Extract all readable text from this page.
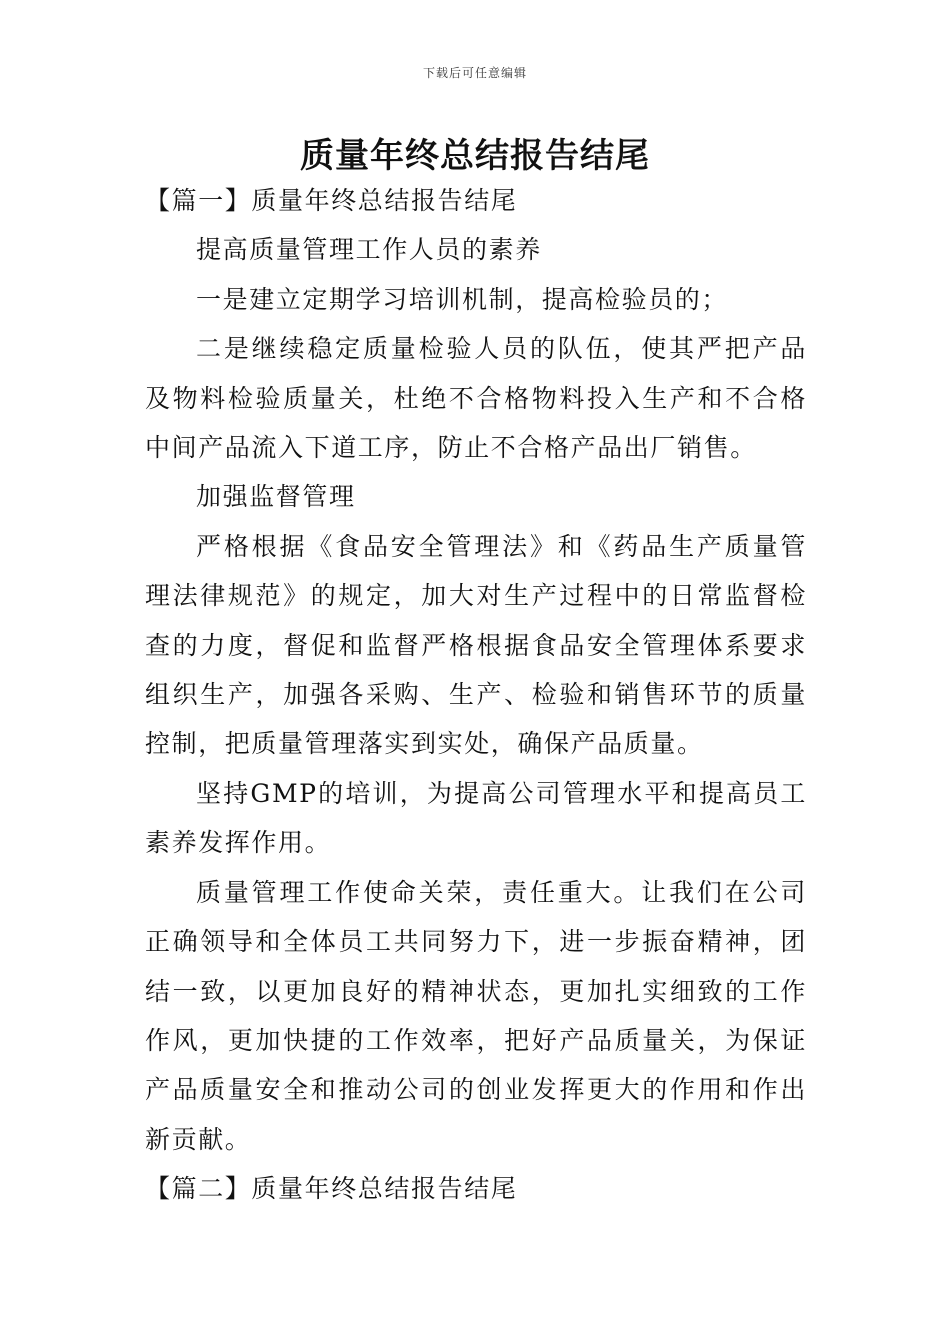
下载后可任意编辑
质量年终总结报告结尾

【篇一】质量年终总结报告结尾

提高质量管理工作人员的素养

一是建立定期学习培训机制，提高检验员的；

二是继续稳定质量检验人员的队伍，使其严把产品及物料检验质量关，杜绝不合格物料投入生产和不合格中间产品流入下道工序，防止不合格产品出厂销售。

加强监督管理

严格根据《食品安全管理法》和《药品生产质量管理法律规范》的规定，加大对生产过程中的日常监督检查的力度，督促和监督严格根据食品安全管理体系要求组织生产，加强各采购、生产、检验和销售环节的质量控制，把质量管理落实到实处，确保产品质量。

坚持GMP的培训，为提高公司管理水平和提高员工素养发挥作用。

质量管理工作使命关荣，责任重大。让我们在公司正确领导和全体员工共同努力下，进一步振奋精神，团结一致，以更加良好的精神状态，更加扎实细致的工作作风，更加快捷的工作效率，把好产品质量关，为保证产品质量安全和推动公司的创业发挥更大的作用和作出新贡献。

【篇二】质量年终总结报告结尾
